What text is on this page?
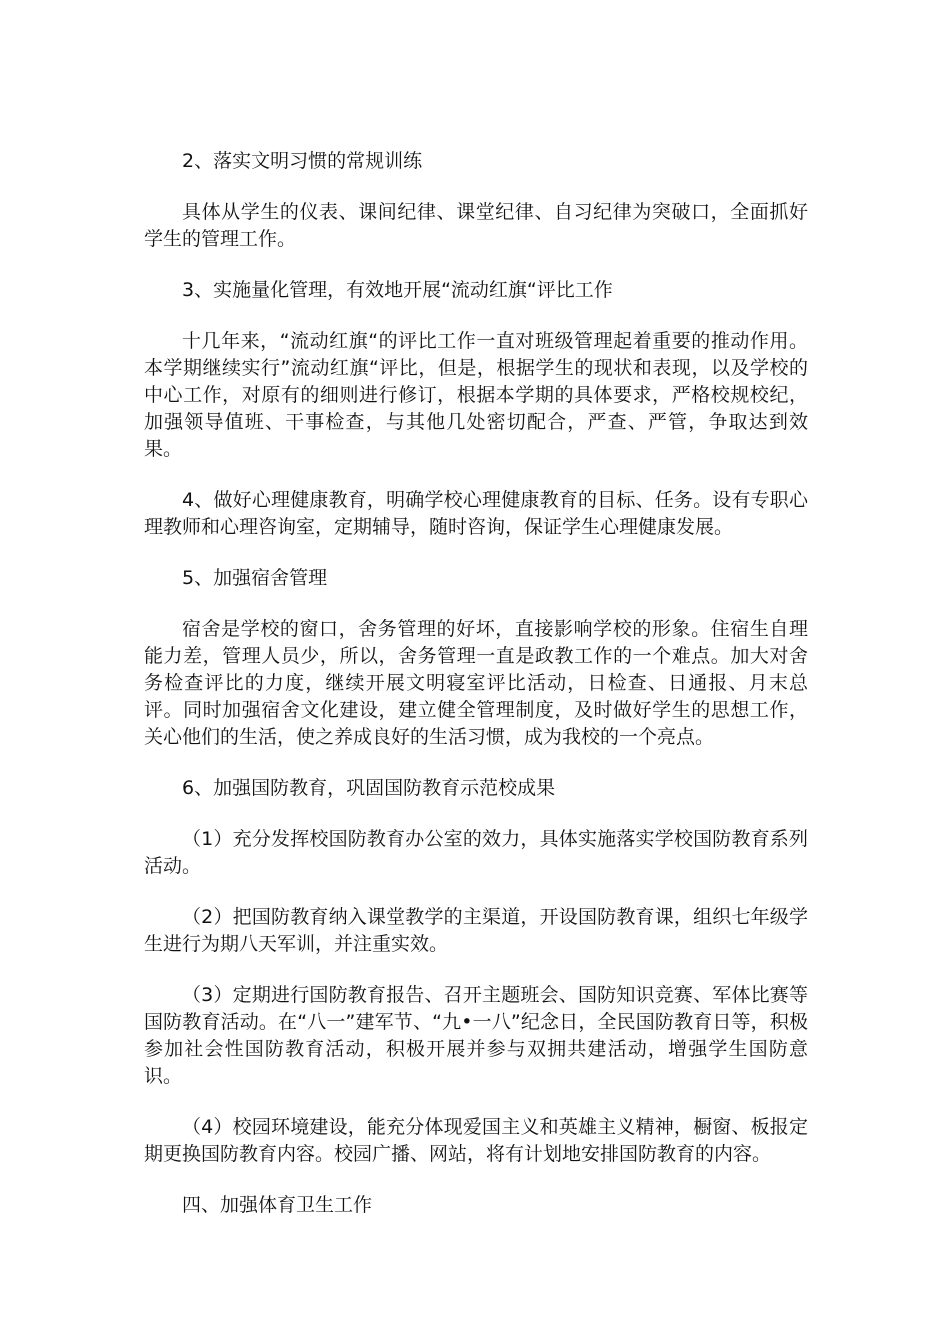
2、落实文明习惯的常规训练

具体从学生的仪表、课间纪律、课堂纪律、自习纪律为突破口，全面抓好学生的管理工作。

3、实施量化管理，有效地开展“流动红旗“评比工作

十几年来，“流动红旗“的评比工作一直对班级管理起着重要的推动作用。本学期继续实行”流动红旗“评比，但是，根据学生的现状和表现，以及学校的中心工作，对原有的细则进行修订，根据本学期的具体要求，严格校规校纪，加强领导值班、干事检查，与其他几处密切配合，严查、严管，争取达到效果。

4、做好心理健康教育，明确学校心理健康教育的目标、任务。设有专职心理教师和心理咨询室，定期辅导，随时咨询，保证学生心理健康发展。

5、加强宿舍管理

宿舍是学校的窗口，舍务管理的好坏，直接影响学校的形象。住宿生自理能力差，管理人员少，所以，舍务管理一直是政教工作的一个难点。加大对舍务检查评比的力度，继续开展文明寝室评比活动，日检查、日通报、月末总评。同时加强宿舍文化建设，建立健全管理制度，及时做好学生的思想工作，关心他们的生活，使之养成良好的生活习惯，成为我校的一个亮点。

6、加强国防教育，巩固国防教育示范校成果

（1）充分发挥校国防教育办公室的效力，具体实施落实学校国防教育系列活动。

（2）把国防教育纳入课堂教学的主渠道，开设国防教育课，组织七年级学生进行为期八天军训，并注重实效。

（3）定期进行国防教育报告、召开主题班会、国防知识竞赛、军体比赛等国防教育活动。在“八一”建军节、“九•一八”纪念日，全民国防教育日等，积极参加社会性国防教育活动，积极开展并参与双拥共建活动，增强学生国防意识。

（4）校园环境建设，能充分体现爱国主义和英雄主义精神，橱窗、板报定期更换国防教育内容。校园广播、网站，将有计划地安排国防教育的内容。

四、加强体育卫生工作
